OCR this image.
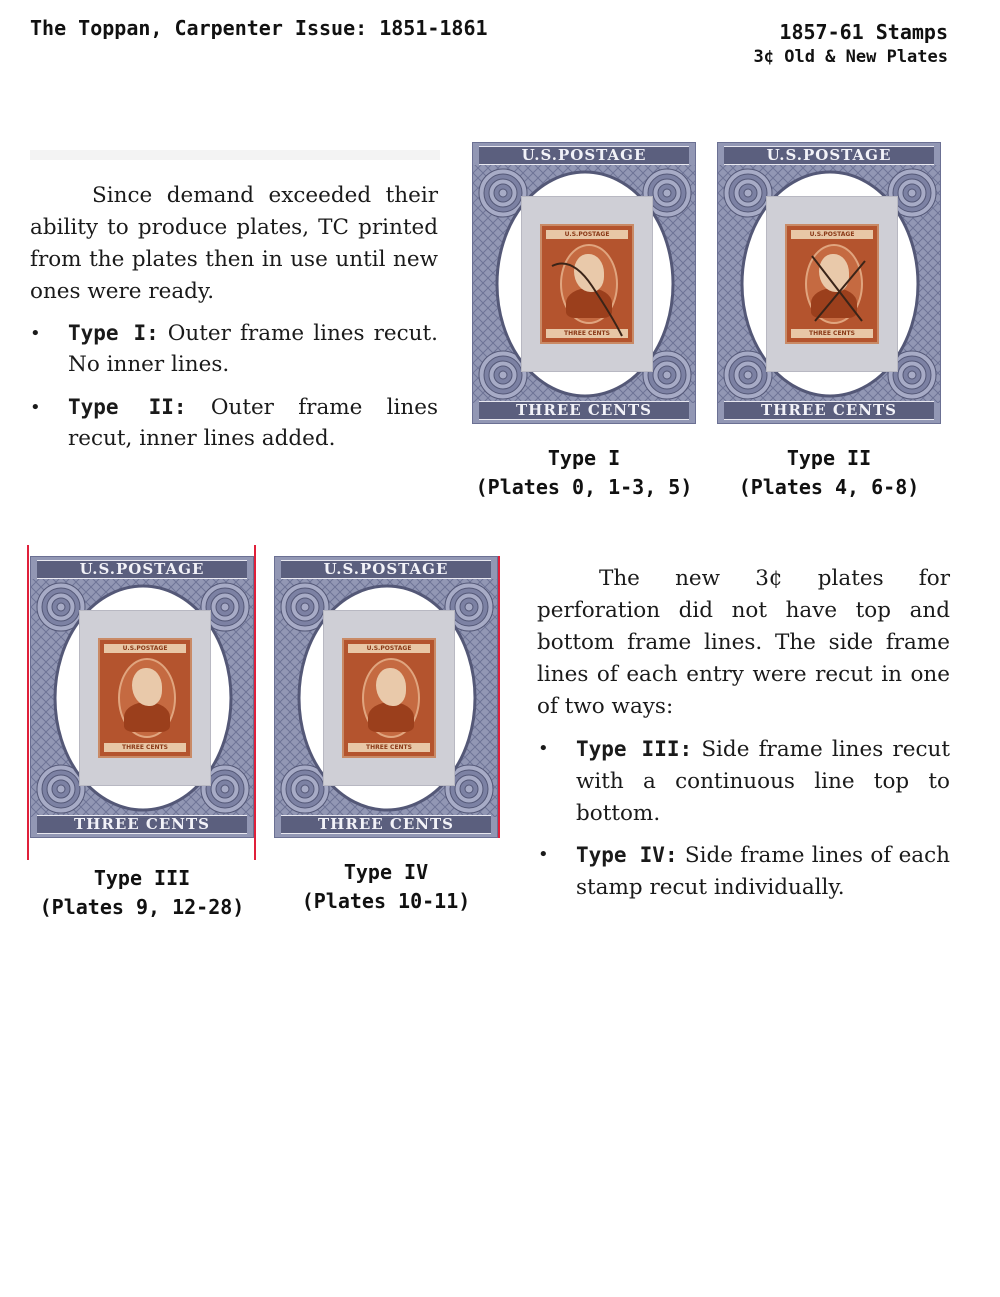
The Toppan, Carpenter Issue: 1851-1861	1857-61 Stamps
3¢ Old & New Plates

Since demand exceeded their ability to produce plates, TC printed from the plates then in use until new ones were ready.

• Type I: Outer frame lines recut. No inner lines.
• Type II: Outer frame lines recut, inner lines added.
U.S.POSTAGE
THREE CENTS
U.S.POSTAGE
THREE CENTS
U.S.POSTAGE
THREE CENTS
U.S.POSTAGE
THREE CENTS
U.S.POSTAGE
THREE CENTS
U.S.POSTAGE
THREE CENTS
U.S.POSTAGE
THREE CENTS
U.S.POSTAGE
THREE CENTS
Type I
(Plates 0, 1-3, 5)
Type II
(Plates 4, 6-8)
Type III
(Plates 9, 12-28)
Type IV
(Plates 10-11)

The new 3¢ plates for perforation did not have top and bottom frame lines. The side frame lines of each entry were recut in one of two ways:

• Type III: Side frame lines recut with a continuous line top to bottom.
• Type IV: Side frame lines of each stamp recut individually.
